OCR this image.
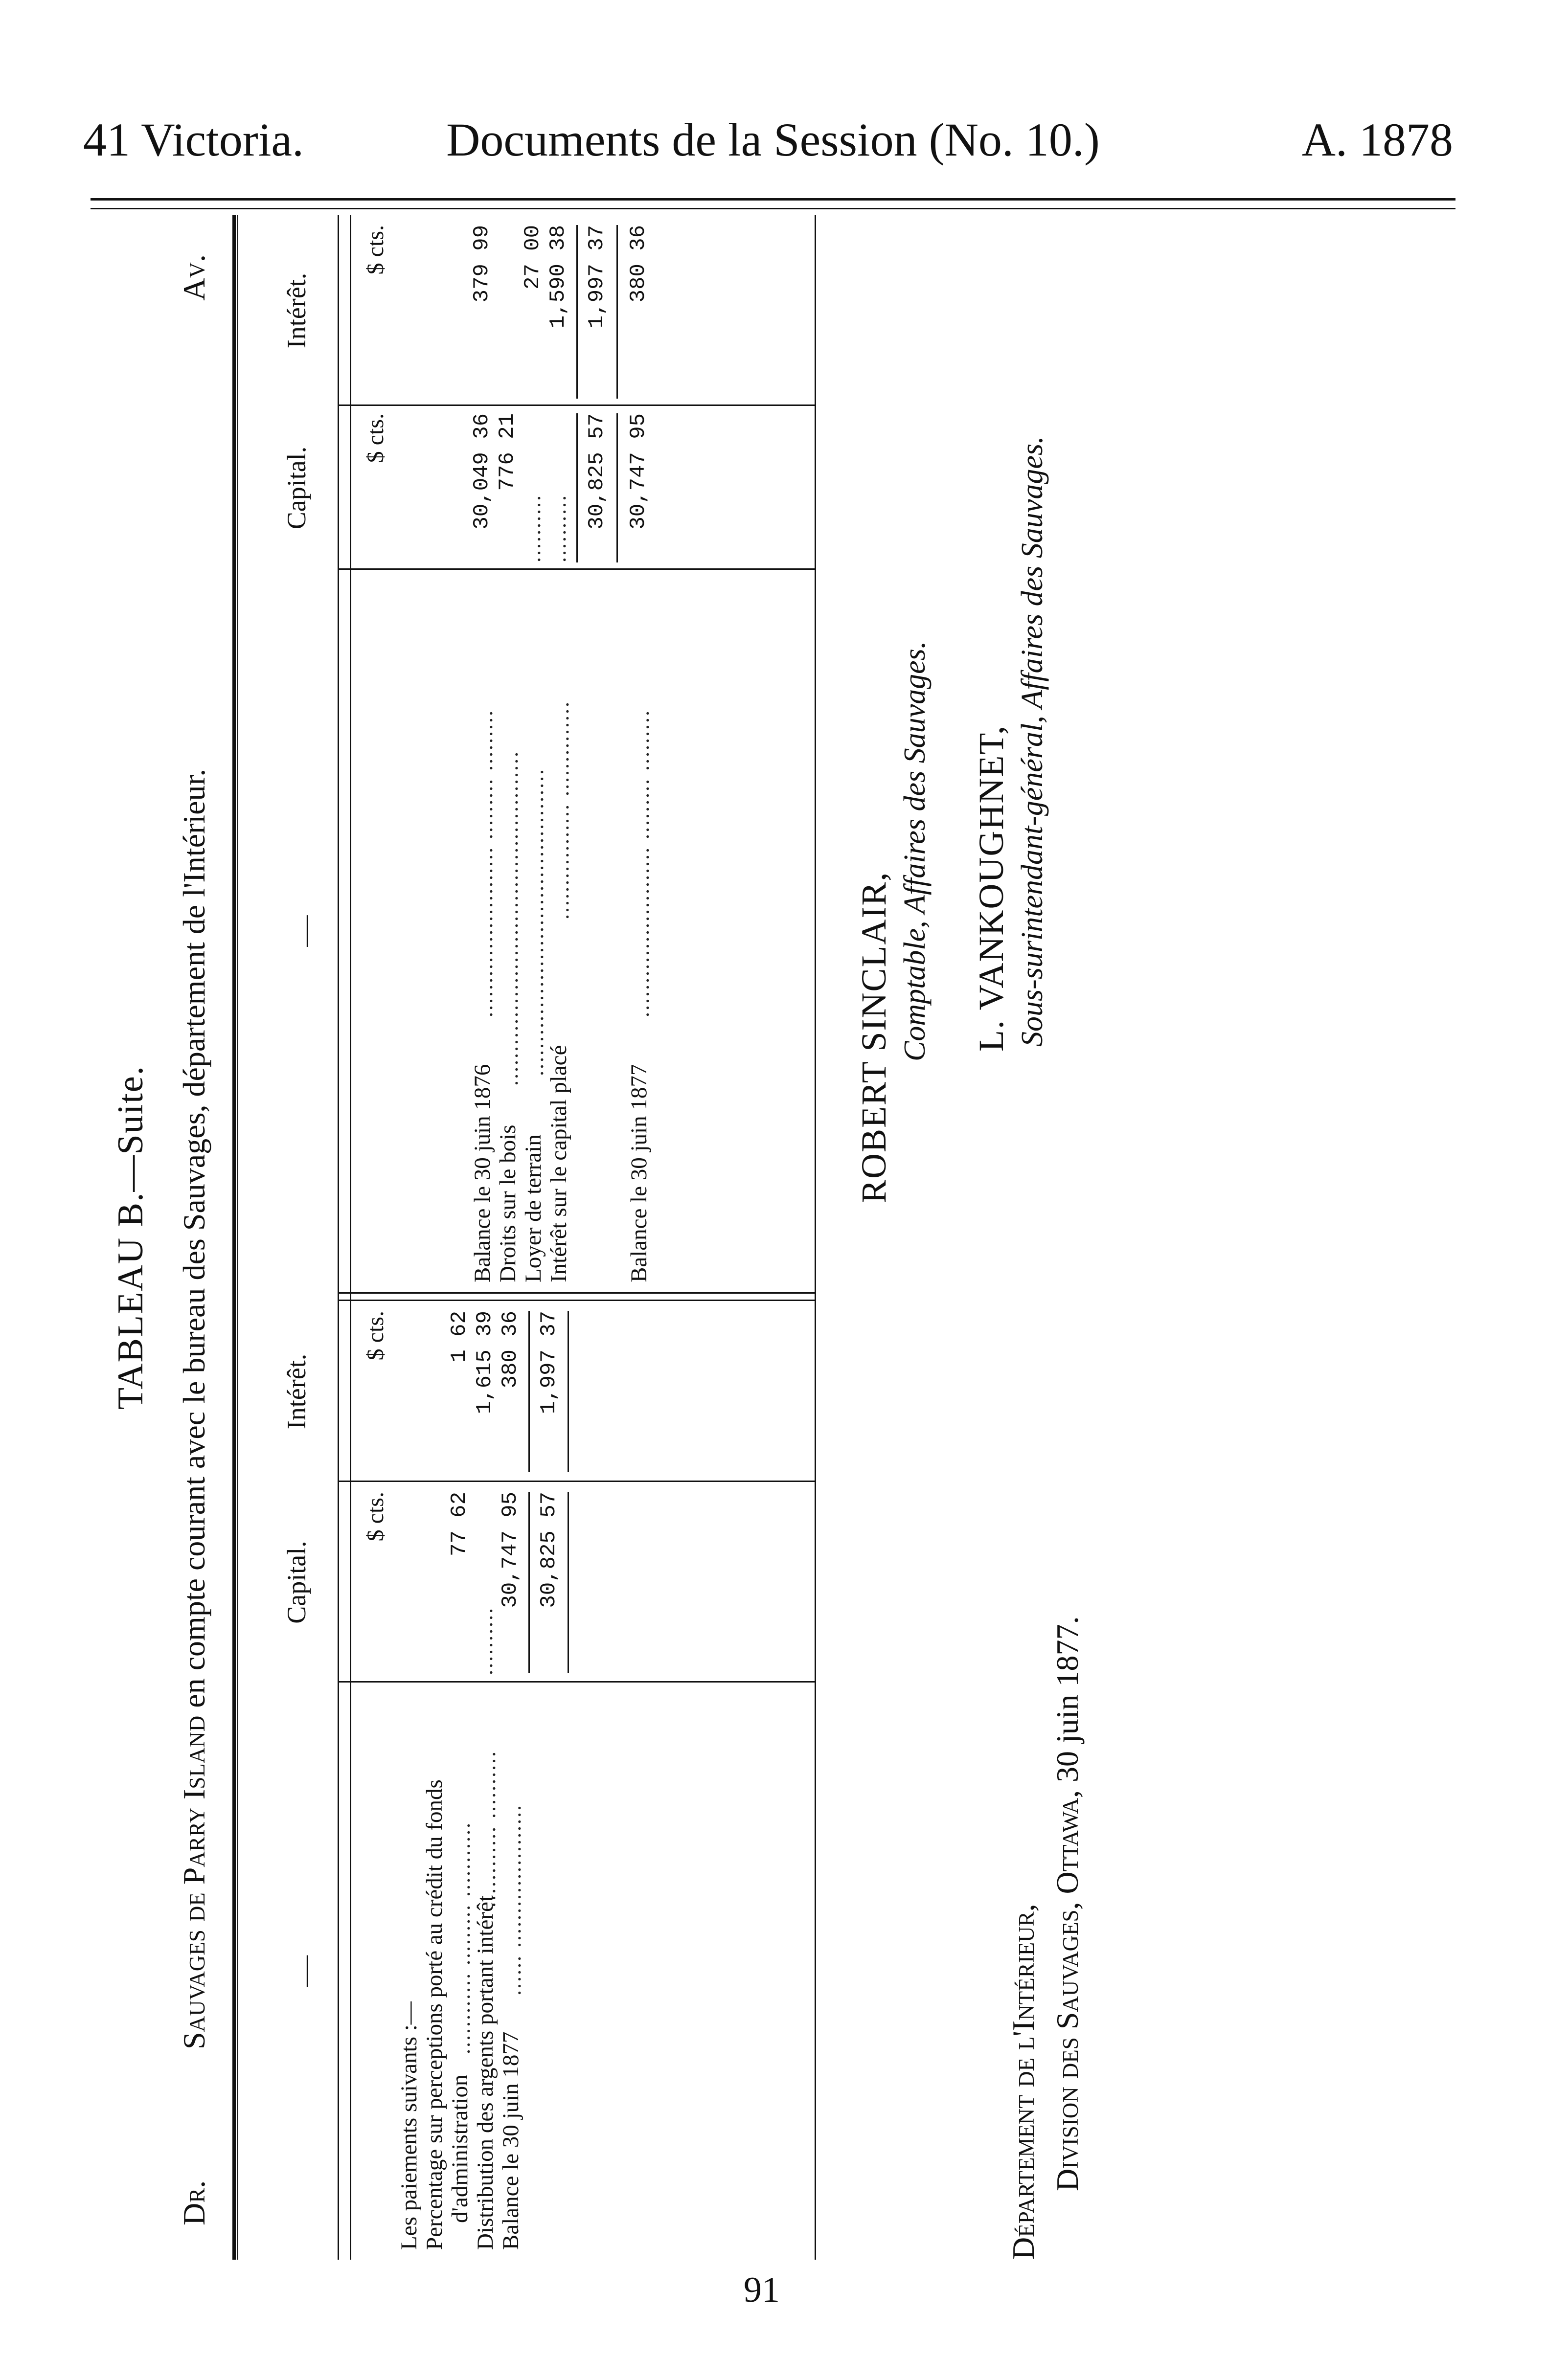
41 Victoria.	Documents de la Session (No. 10.)	A. 1878
TABLEAU B.—Suite.
Dr.
Sauvages de Parry Island en compte courant avec le bureau des Sauvages, département de l'Intérieur.
Av.
—
Capital.
Intérêt.
—
Capital.
Intérêt.
$ cts.
$ cts.
$ cts.
$ cts.
Les paiements suivants :— Percentage sur perceptions porté au crédit du fonds d'administration
............ ......... ...........
Distribution des argents portant intérêt
............ ..........
Balance le 30 juin 1877
...... .....................
77 62
1 62
..........
1,615 39
30,747 95
380 36
30,825 57
1,997 37
Balance le 30 juin 1876
......................... ......... .........
Droits sur le bois
.................................................
Loyer de terrain
.............................................
Intérêt sur le capital placé
................. ..............
30,049 36
379 99
776 21
27 00
..........
1,590 38
.......... 30,825 57
1,997 37
Balance le 30 juin 1877
......................... ......... .........
30,747 95
380 36
ROBERT SINCLAIR, Comptable, Affaires des Sauvages. L. VANKOUGHNET, Sous-surintendant-général, Affaires des Sauvages.
Département de l'Intérieur, Division des Sauvages, Ottawa, 30 juin 1877.
91
